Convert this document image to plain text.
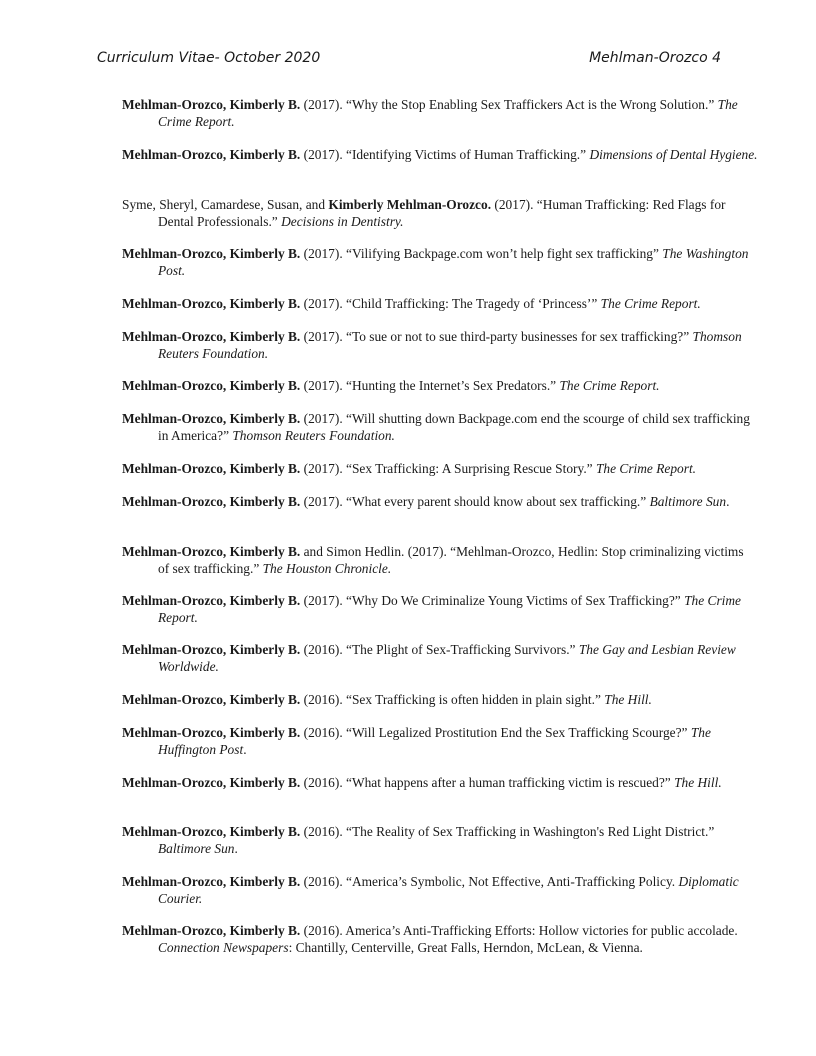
Curriculum Vitae- October 2020	Mehlman-Orozco 4

Mehlman-Orozco, Kimberly B. (2017). “Why the Stop Enabling Sex Traffickers Act is the Wrong Solution.” The Crime Report.

Mehlman-Orozco, Kimberly B. (2017). “Identifying Victims of Human Trafficking.” Dimensions of Dental Hygiene.

Syme, Sheryl, Camardese, Susan, and Kimberly Mehlman-Orozco. (2017). “Human Trafficking: Red Flags for Dental Professionals.” Decisions in Dentistry.

Mehlman-Orozco, Kimberly B. (2017). “Vilifying Backpage.com won’t help fight sex trafficking” The Washington Post.

Mehlman-Orozco, Kimberly B. (2017). “Child Trafficking: The Tragedy of ‘Princess’” The Crime Report.

Mehlman-Orozco, Kimberly B. (2017). “To sue or not to sue third-party businesses for sex trafficking?” Thomson Reuters Foundation.

Mehlman-Orozco, Kimberly B. (2017). “Hunting the Internet’s Sex Predators.” The Crime Report.

Mehlman-Orozco, Kimberly B. (2017). “Will shutting down Backpage.com end the scourge of child sex trafficking in America?” Thomson Reuters Foundation.

Mehlman-Orozco, Kimberly B. (2017). “Sex Trafficking: A Surprising Rescue Story.” The Crime Report.

Mehlman-Orozco, Kimberly B. (2017). “What every parent should know about sex trafficking.” Baltimore Sun.

Mehlman-Orozco, Kimberly B. and Simon Hedlin. (2017). “Mehlman-Orozco, Hedlin: Stop criminalizing victims of sex trafficking.” The Houston Chronicle.

Mehlman-Orozco, Kimberly B. (2017). “Why Do We Criminalize Young Victims of Sex Trafficking?” The Crime Report.

Mehlman-Orozco, Kimberly B. (2016). “The Plight of Sex-Trafficking Survivors.” The Gay and Lesbian Review Worldwide.

Mehlman-Orozco, Kimberly B. (2016). “Sex Trafficking is often hidden in plain sight.” The Hill.

Mehlman-Orozco, Kimberly B. (2016). “Will Legalized Prostitution End the Sex Trafficking Scourge?” The Huffington Post.

Mehlman-Orozco, Kimberly B. (2016). “What happens after a human trafficking victim is rescued?” The Hill.

Mehlman-Orozco, Kimberly B. (2016). “The Reality of Sex Trafficking in Washington's Red Light District.” Baltimore Sun.

Mehlman-Orozco, Kimberly B. (2016). “America’s Symbolic, Not Effective, Anti-Trafficking Policy. Diplomatic Courier.

Mehlman-Orozco, Kimberly B. (2016). America’s Anti-Trafficking Efforts: Hollow victories for public accolade. Connection Newspapers: Chantilly, Centerville, Great Falls, Herndon, McLean, & Vienna.
